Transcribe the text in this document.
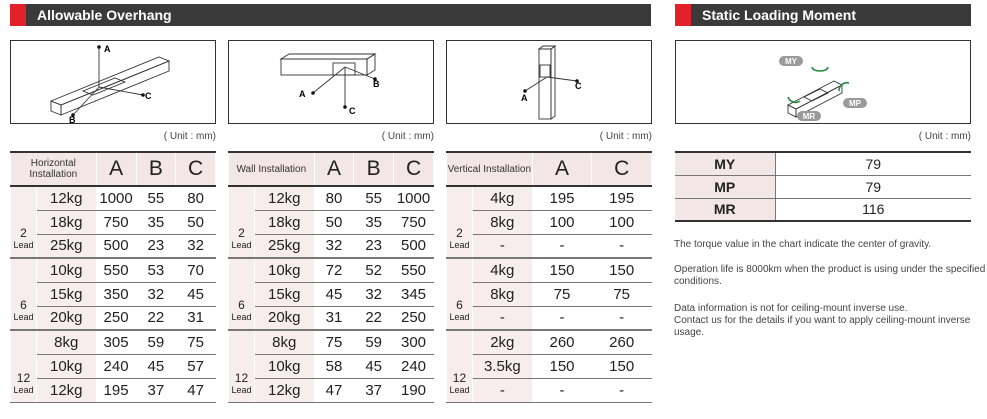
Allowable Overhang	Static Loading Moment
A
B
C	A
B
C
A
C
MY
MP
MR
( Unit : mm)	( Unit : mm)	( Unit : mm)	( Unit : mm)
Horizontal Installation		A	B	C
2
Lead	12kg	1000	55	80
	18kg	750	35	50
	25kg	500	23	32
6
Lead	10kg	550	53	70
	15kg	350	32	45
	20kg	250	22	31
12
Lead	8kg	305	59	75
	10kg	240	45	57
	12kg	195	37	47
Wall Installation		A	B	C
2
Lead	12kg	80	55	1000
	18kg	50	35	750
	25kg	32	23	500
6
Lead	10kg	72	52	550
	15kg	45	32	345
	20kg	31	22	250
12
Lead	8kg	75	59	300
	10kg	58	45	240
	12kg	47	37	190
Vertical Installation		A	C
2
Lead	4kg	195	195
	8kg	100	100
	-	-	-
6
Lead	4kg	150	150
	8kg	75	75
	-	-	-
12
Lead	2kg	260	260
	3.5kg	150	150
	-	-	-
MY	79
MP	79
MR	116
The torque value in the chart indicate the center of gravity.
Operation life is 8000km when the product is using under the specified conditions.
Data information is not for ceiling-mount inverse use.
Contact us for the details if you want to apply ceiling-mount inverse usage.
